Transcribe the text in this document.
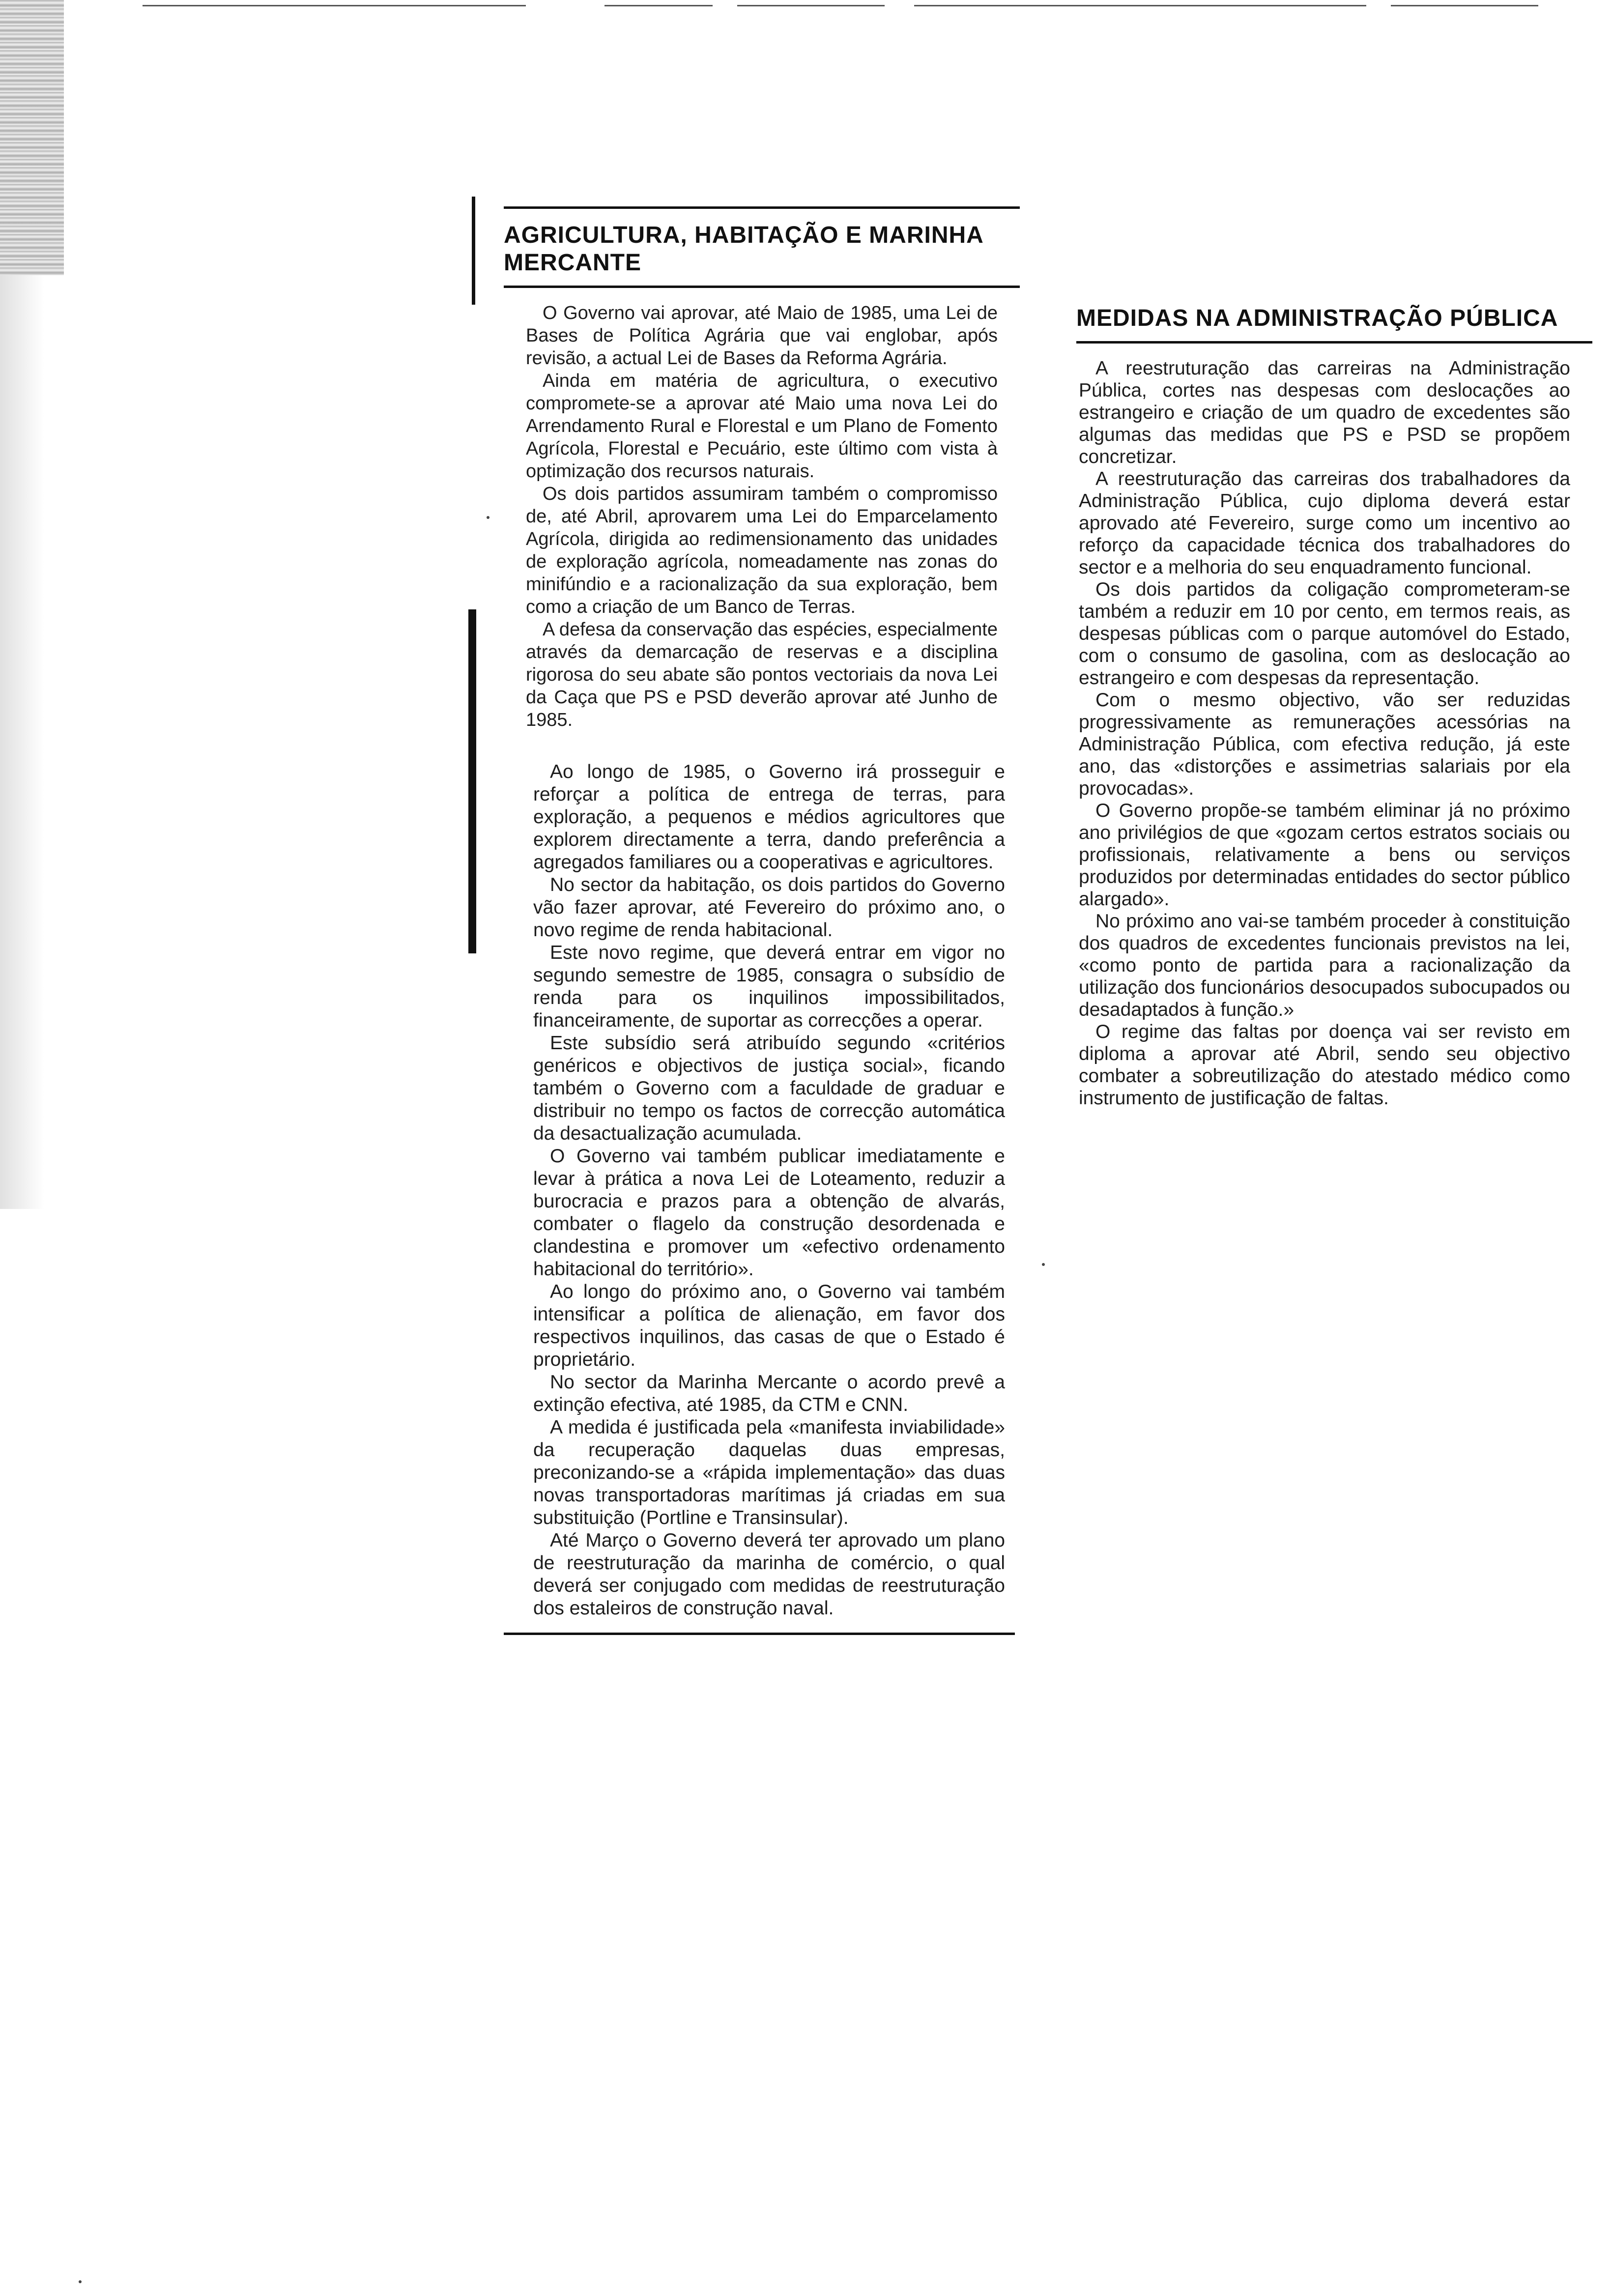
AGRICULTURA, HABITAÇÃO E MARINHA MERCANTE

O Governo vai aprovar, até Maio de 1985, uma Lei de Bases de Política Agrária que vai englobar, após revisão, a actual Lei de Bases da Reforma Agrária.

Ainda em matéria de agricultura, o executivo compromete-se a aprovar até Maio uma nova Lei do Arrendamento Rural e Florestal e um Plano de Fomento Agrícola, Florestal e Pecuário, este último com vista à optimização dos recursos naturais.

Os dois partidos assumiram também o compromisso de, até Abril, aprovarem uma Lei do Emparcelamento Agrícola, dirigida ao redimensionamento das unidades de exploração agrícola, nomeadamente nas zonas do minifúndio e a racionalização da sua exploração, bem como a criação de um Banco de Terras.

A defesa da conservação das espécies, especialmente através da demarcação de reservas e a disciplina rigorosa do seu abate são pontos vectoriais da nova Lei da Caça que PS e PSD deverão aprovar até Junho de 1985.

Ao longo de 1985, o Governo irá prosseguir e reforçar a política de entrega de terras, para exploração, a pequenos e médios agricultores que explorem directamente a terra, dando preferência a agregados familiares ou a cooperativas e agricultores.

No sector da habitação, os dois partidos do Governo vão fazer aprovar, até Fevereiro do próximo ano, o novo regime de renda habitacional.

Este novo regime, que deverá entrar em vigor no segundo semestre de 1985, consagra o subsídio de renda para os inquilinos impossibilitados, financeiramente, de suportar as correcções a operar.

Este subsídio será atribuído segundo «critérios genéricos e objectivos de justiça social», ficando também o Governo com a faculdade de graduar e distribuir no tempo os factos de correcção automática da desactualização acumulada.

O Governo vai também publicar imediatamente e levar à prática a nova Lei de Loteamento, reduzir a burocracia e prazos para a obtenção de alvarás, combater o flagelo da construção desordenada e clandestina e promover um «efectivo ordenamento habitacional do território».

Ao longo do próximo ano, o Governo vai também intensificar a política de alienação, em favor dos respectivos inquilinos, das casas de que o Estado é proprietário.

No sector da Marinha Mercante o acordo prevê a extinção efectiva, até 1985, da CTM e CNN.

A medida é justificada pela «manifesta inviabilidade» da recuperação daquelas duas empresas, preconizando-se a «rápida implementação» das duas novas transportadoras marítimas já criadas em sua substituição (Portline e Transinsular).

Até Março o Governo deverá ter aprovado um plano de reestruturação da marinha de comércio, o qual deverá ser conjugado com medidas de reestruturação dos estaleiros de construção naval.

MEDIDAS NA ADMINISTRAÇÃO PÚBLICA

A reestruturação das carreiras na Administração Pública, cortes nas despesas com deslocações ao estrangeiro e criação de um quadro de excedentes são algumas das medidas que PS e PSD se propõem concretizar.

A reestruturação das carreiras dos trabalhadores da Administração Pública, cujo diploma deverá estar aprovado até Fevereiro, surge como um incentivo ao reforço da capacidade técnica dos trabalhadores do sector e a melhoria do seu enquadramento funcional.

Os dois partidos da coligação comprometeram-se também a reduzir em 10 por cento, em termos reais, as despesas públicas com o parque automóvel do Estado, com o consumo de gasolina, com as deslocação ao estrangeiro e com despesas da representação.

Com o mesmo objectivo, vão ser reduzidas progressivamente as remunerações acessórias na Administração Pública, com efectiva redução, já este ano, das «distorções e assimetrias salariais por ela provocadas».

O Governo propõe-se também eliminar já no próximo ano privilégios de que «gozam certos estratos sociais ou profissionais, relativamente a bens ou serviços produzidos por determinadas entidades do sector público alargado».

No próximo ano vai-se também proceder à constituição dos quadros de excedentes funcionais previstos na lei, «como ponto de partida para a racionalização da utilização dos funcionários desocupados subocupados ou desadaptados à função.»

O regime das faltas por doença vai ser revisto em diploma a aprovar até Abril, sendo seu objectivo combater a sobreutilização do atestado médico como instrumento de justificação de faltas.
